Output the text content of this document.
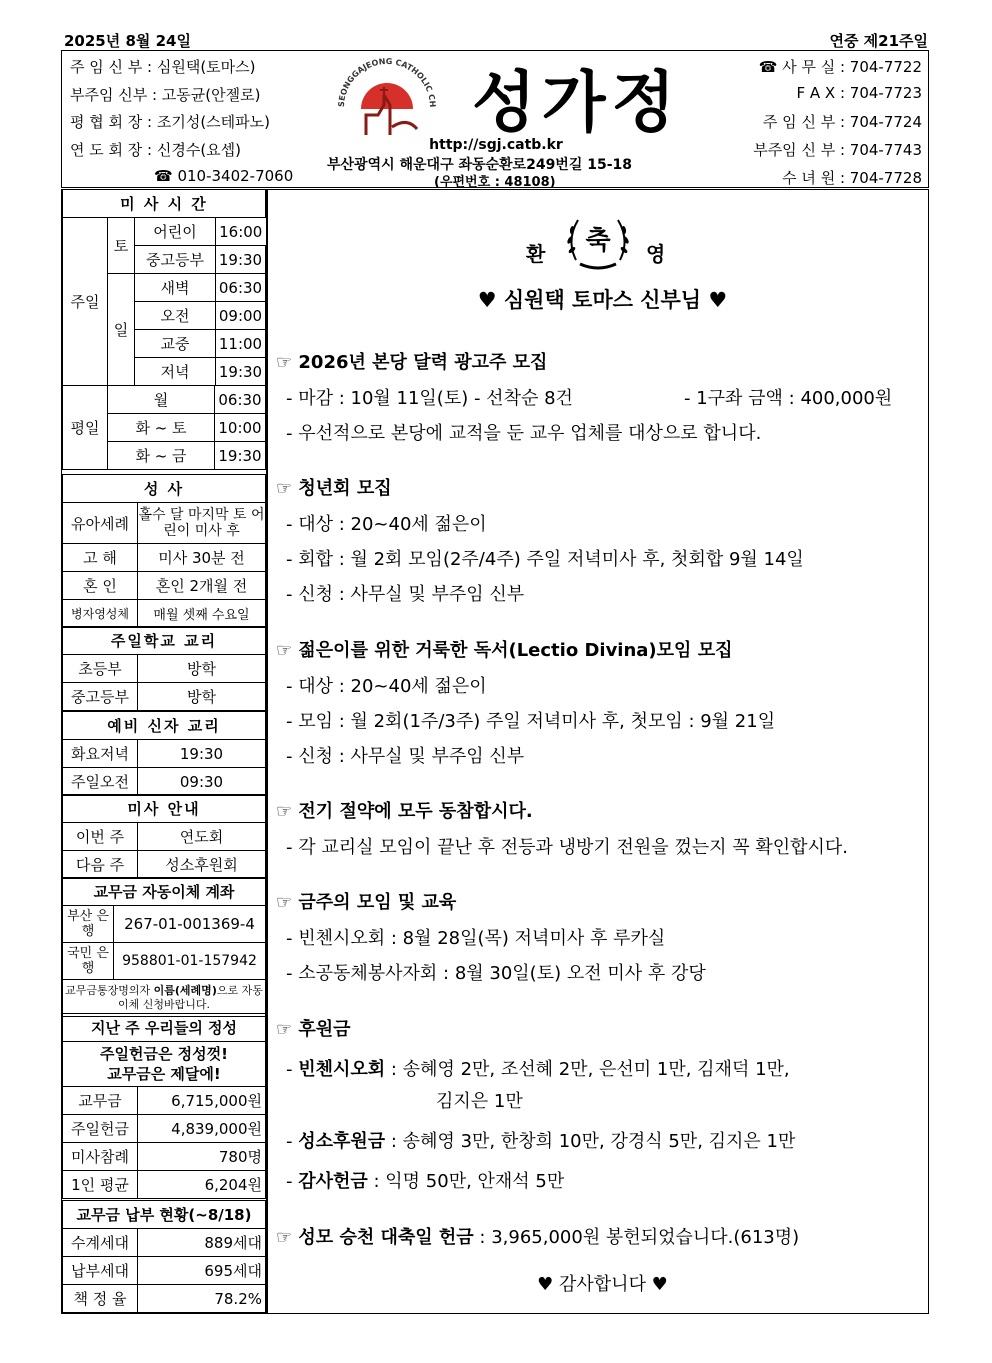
2025년 8월 24일	연중 제21주일
주 임 신 부 : 심원택(토마스)
부주임 신부 : 고동균(안젤로)
평 협 회 장 : 조기성(스테파노)
연 도 회 장 : 신경수(요셉)
☎ 010-3402-7060
SEONGGAJEONG CATHOLIC CH 성가정
http://sgj.catb.kr
부산광역시 해운대구 좌동순환로249번길 15-18
(우편번호 : 48108)
☎ 사 무 실 : 704-7722
F A X : 704-7723
주 임 신 부 : 704-7724
부주임 신 부 : 704-7743
수 녀 원 : 704-7728
미 사 시 간
주일	토	
어린이	16:00

중고등부	19:30

일	
새벽	06:30

오전	09:00

교중	11:00

저녁	19:30

평일	
월	06:30

화 ~ 토	10:00

화 ~ 금	19:30
성 사	
유아세례	홀수 달 마지막 토 어린이 미사 후
고 해	미사 30분 전
혼 인	혼인 2개월 전
병자영성체	매월 셋째 수요일
주일학교 교리	
초등부	방학
중고등부	방학
예비 신자 교리	
화요저녁	19:30
주일오전	09:30
미사 안내	
이번 주	연도회
다음 주	성소후원회
교무금 자동이체 계좌	
부산 은행	267-01-001369-4
국민 은행	958801-01-157942
교무금통장명의자 이름(세례명)으로 자동이체 신청바랍니다.	
지난 주 우리들의 정성	

주일헌금은 정성껏!
교무금은 제달에!	

교무금	6,715,000원
주일헌금	4,839,000원
미사참례	780명
1인 평균	6,204원
교무금 납부 현황(~8/18)	
수계세대	889세대
납부세대	695세대
책 정 율	78.2%
환	축	영
♥ 심원택 토마스 신부님 ♥
☞ 2026년 본당 달력 광고주 모집
- 마감 : 10월 11일(토) - 선착순 8건	- 1구좌 금액 : 400,000원
- 우선적으로 본당에 교적을 둔 교우 업체를 대상으로 합니다.
☞ 청년회 모집
- 대상 : 20~40세 젊은이
- 회합 : 월 2회 모임(2주/4주) 주일 저녁미사 후, 첫회합 9월 14일
- 신청 : 사무실 및 부주임 신부
☞ 젊은이를 위한 거룩한 독서(Lectio Divina)모임 모집
- 대상 : 20~40세 젊은이
- 모임 : 월 2회(1주/3주) 주일 저녁미사 후, 첫모임 : 9월 21일
- 신청 : 사무실 및 부주임 신부
☞ 전기 절약에 모두 동참합시다.
- 각 교리실 모임이 끝난 후 전등과 냉방기 전원을 껐는지 꼭 확인합시다.
☞ 금주의 모임 및 교육
- 빈첸시오회 : 8월 28일(목) 저녁미사 후 루카실
- 소공동체봉사자회 : 8월 30일(토) 오전 미사 후 강당
☞ 후원금
- 빈첸시오회 : 송혜영 2만, 조선혜 2만, 은선미 1만, 김재덕 1만,
김지은 1만
- 성소후원금 : 송혜영 3만, 한창희 10만, 강경식 5만, 김지은 1만
- 감사헌금 : 익명 50만, 안재석 5만
☞ 성모 승천 대축일 헌금 : 3,965,000원 봉헌되었습니다.(613명)
♥ 감사합니다 ♥
